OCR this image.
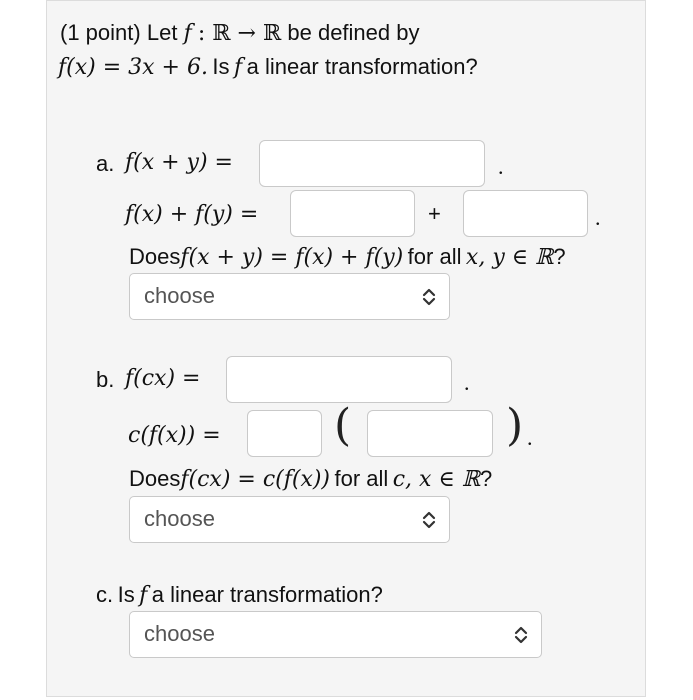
(1 point) Let f : ℝ → ℝ be defined by
f(x) = 3x + 6. Is f a linear transformation?
a. f(x + y) =	.
f(x) + f(y) =	+	.
Doesf(x + y) = f(x) + f(y) for all x, y ∈ ℝ?
choose
b. f(cx) =	.
c(f(x)) =	(	) .
Doesf(cx) = c(f(x)) for all c, x ∈ ℝ?
choose
c. Is f a linear transformation?
choose
